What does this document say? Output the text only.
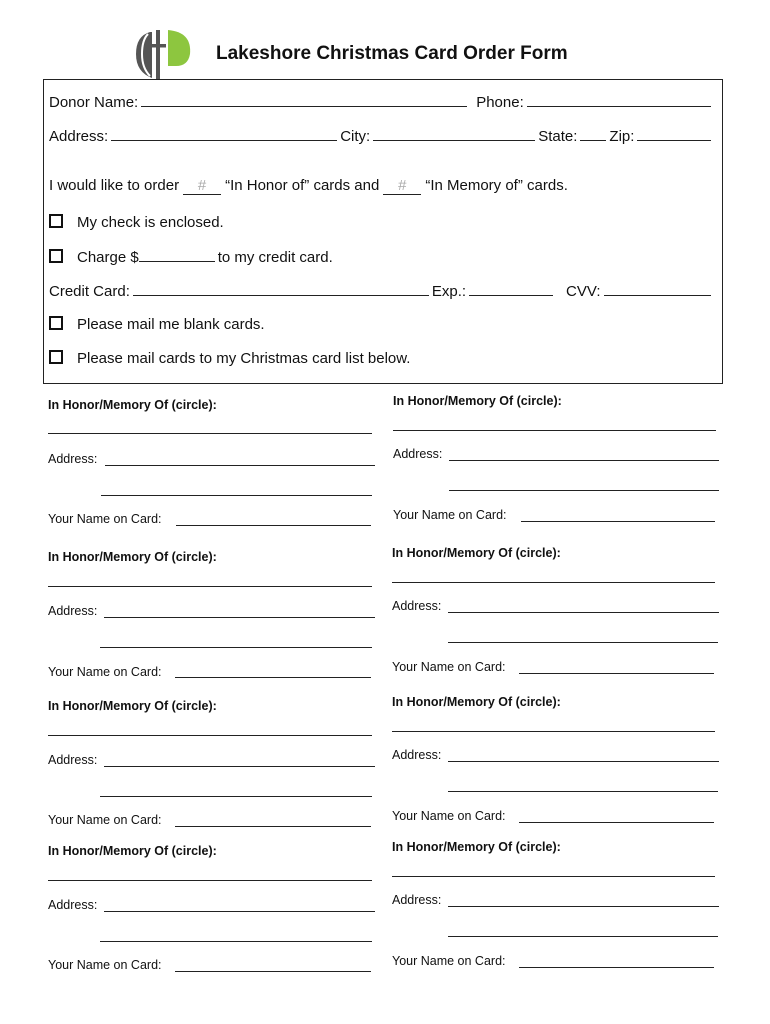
Lakeshore Christmas Card Order Form
Donor Name:	Phone:
Address:	City:	State: Zip:
I would like to order	#	“In Honor of” cards and	#	“In Memory of” cards.
My check is enclosed.
Charge $	to my credit card.
Credit Card:	Exp.:	CVV:
Please mail me blank cards.
Please mail cards to my Christmas card list below.
In Honor/Memory Of (circle):
Address:
Your Name on Card:
In Honor/Memory Of (circle):
Address:
Your Name on Card:
In Honor/Memory Of (circle):
Address:
Your Name on Card:
In Honor/Memory Of (circle):
Address:
Your Name on Card:
In Honor/Memory Of (circle):
Address:
Your Name on Card:
In Honor/Memory Of (circle):
Address:
Your Name on Card:
In Honor/Memory Of (circle):
Address:
Your Name on Card:
In Honor/Memory Of (circle):
Address:
Your Name on Card:
